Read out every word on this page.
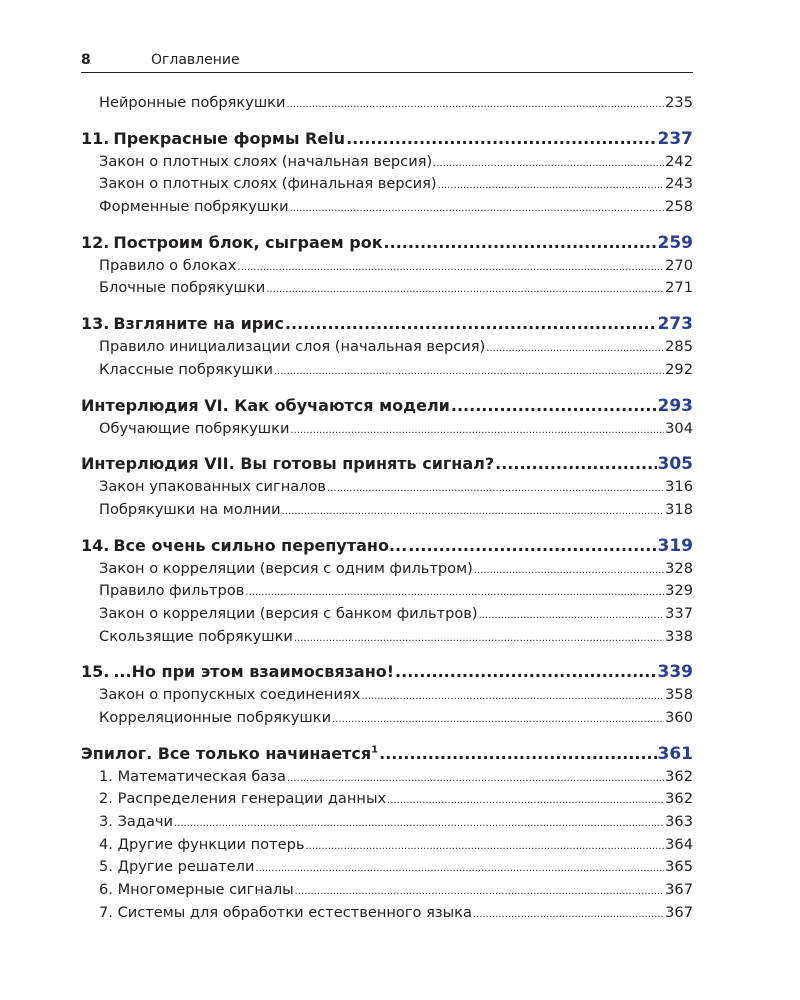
8	Оглавление
Нейронные побрякушки .....	235
11. Прекрасные формы Relu .....	237
Закон о плотных слоях (начальная версия) .....	242
Закон о плотных слоях (финальная версия) .....	243
Форменные побрякушки .....	258
12. Построим блок, сыграем рок .....	259
Правило о блоках .....	270
Блочные побрякушки .....	271
13. Взгляните на ирис .....	273
Правило инициализации слоя (начальная версия) .....	285
Классные побрякушки .....	292
Интерлюдия VI. Как обучаются модели .....	293
Обучающие побрякушки .....	304
Интерлюдия VII. Вы готовы принять сигнал? .....	305
Закон упакованных сигналов .....	316
Побрякушки на молнии .....	318
14. Все очень сильно перепутано... .....	319
Закон о корреляции (версия с одним фильтром) .....	328
Правило фильтров .....	329
Закон о корреляции (версия с банком фильтров) .....	337
Скользящие побрякушки .....	338
15. ...Но при этом взаимосвязано! .....	339
Закон о пропускных соединениях .....	358
Корреляционные побрякушки .....	360
Эпилог. Все только начинается$^1$ .....	361
1. Математическая база .....	362
2. Распределения генерации данных .....	362
3. Задачи .....	363
4. Другие функции потерь .....	364
5. Другие решатели .....	365
6. Многомерные сигналы .....	367
7. Системы для обработки естественного языка .....	367
